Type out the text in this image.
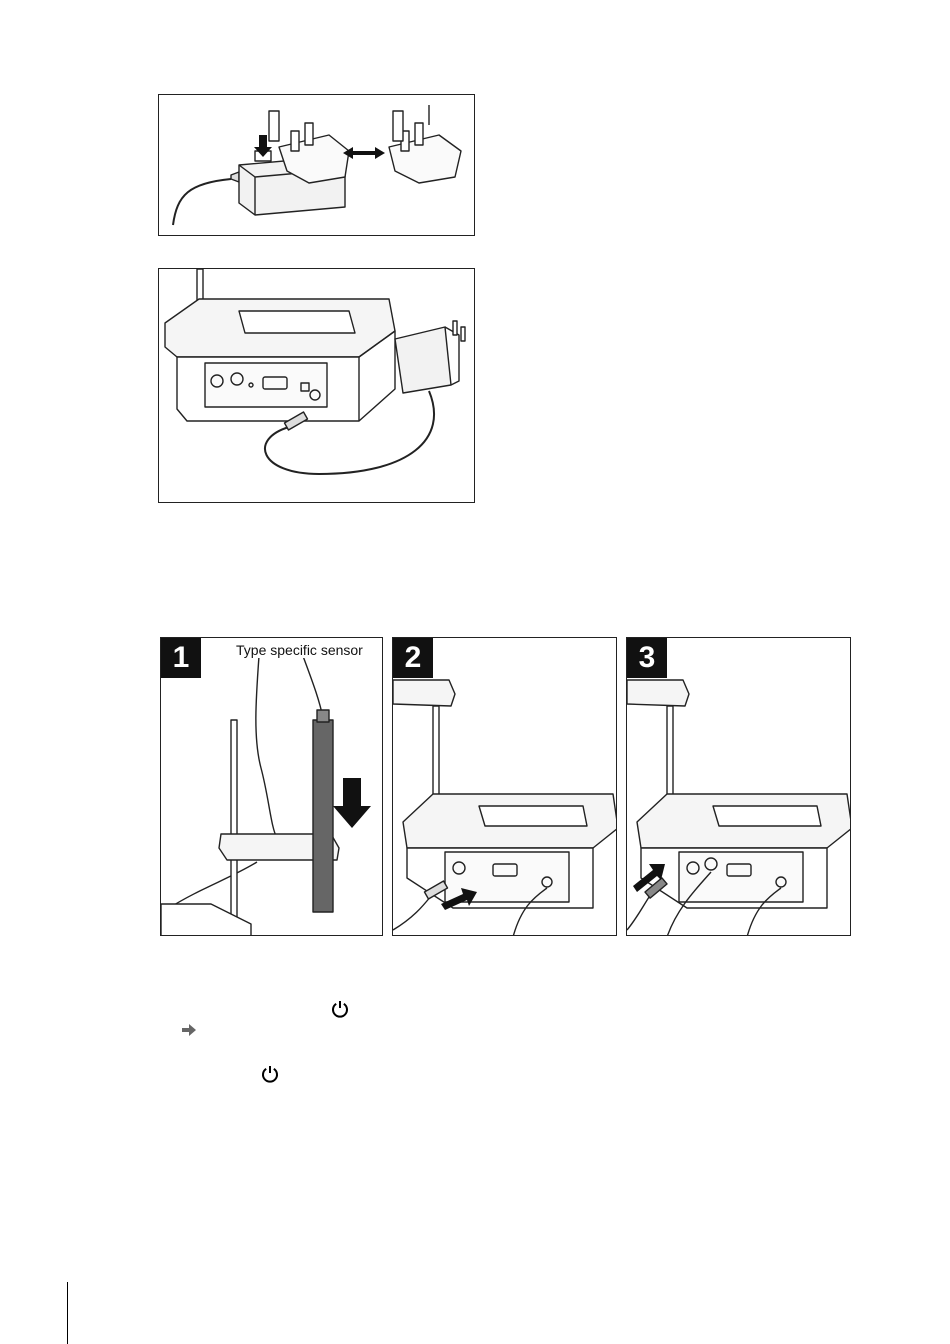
1	Type specific sensor	2	3
